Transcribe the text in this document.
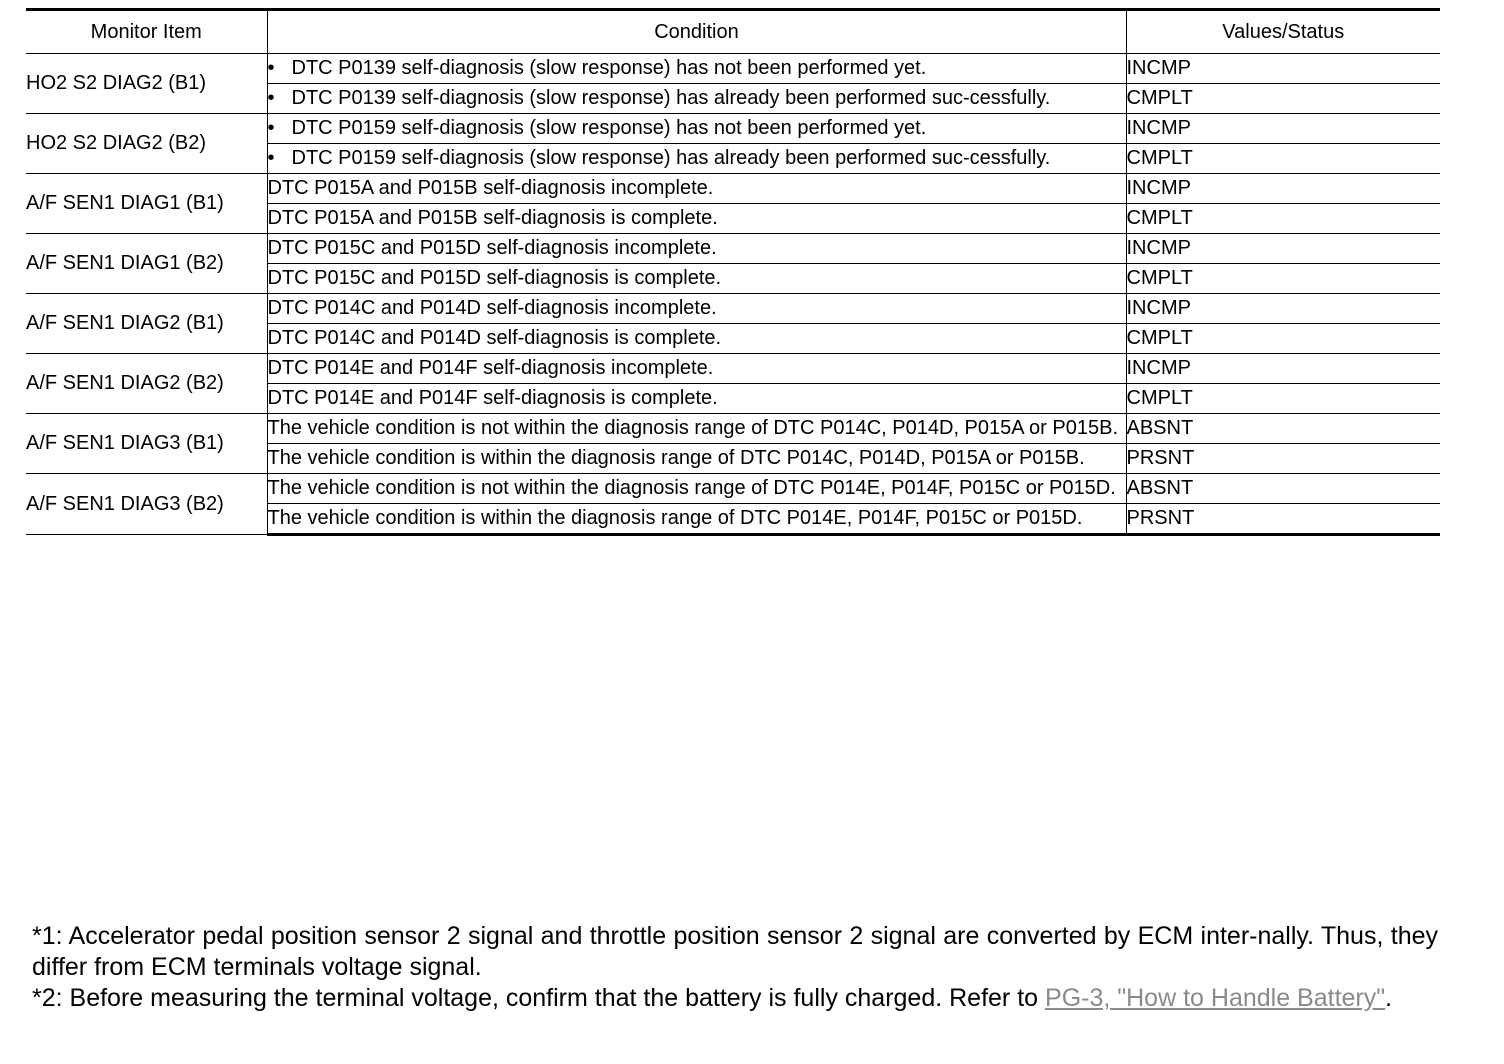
Monitor Item	Condition	Values/Status
HO2 S2 DIAG2 (B1)	• DTC P0139 self-diagnosis (slow response) has not been performed yet.	INCMP

	• DTC P0139 self-diagnosis (slow response) has already been performed suc-cessfully.	CMPLT
HO2 S2 DIAG2 (B2)	• DTC P0159 self-diagnosis (slow response) has not been performed yet.	INCMP

	• DTC P0159 self-diagnosis (slow response) has already been performed suc-cessfully.	CMPLT
A/F SEN1 DIAG1 (B1)	DTC P015A and P015B self-diagnosis incomplete.	INCMP

	DTC P015A and P015B self-diagnosis is complete.	CMPLT
A/F SEN1 DIAG1 (B2)	DTC P015C and P015D self-diagnosis incomplete.	INCMP

	DTC P015C and P015D self-diagnosis is complete.	CMPLT
A/F SEN1 DIAG2 (B1)	DTC P014C and P014D self-diagnosis incomplete.	INCMP

	DTC P014C and P014D self-diagnosis is complete.	CMPLT
A/F SEN1 DIAG2 (B2)	DTC P014E and P014F self-diagnosis incomplete.	INCMP

	DTC P014E and P014F self-diagnosis is complete.	CMPLT
A/F SEN1 DIAG3 (B1)	The vehicle condition is not within the diagnosis range of DTC P014C, P014D, P015A or P015B.	ABSNT

	The vehicle condition is within the diagnosis range of DTC P014C, P014D, P015A or P015B.	PRSNT
A/F SEN1 DIAG3 (B2)	The vehicle condition is not within the diagnosis range of DTC P014E, P014F, P015C or P015D.	ABSNT

	The vehicle condition is within the diagnosis range of DTC P014E, P014F, P015C or P015D.	PRSNT

*1: Accelerator pedal position sensor 2 signal and throttle position sensor 2 signal are converted by ECM inter-nally. Thus, they differ from ECM terminals voltage signal.

*2: Before measuring the terminal voltage, confirm that the battery is fully charged. Refer to PG-3, "How to Handle Battery".
